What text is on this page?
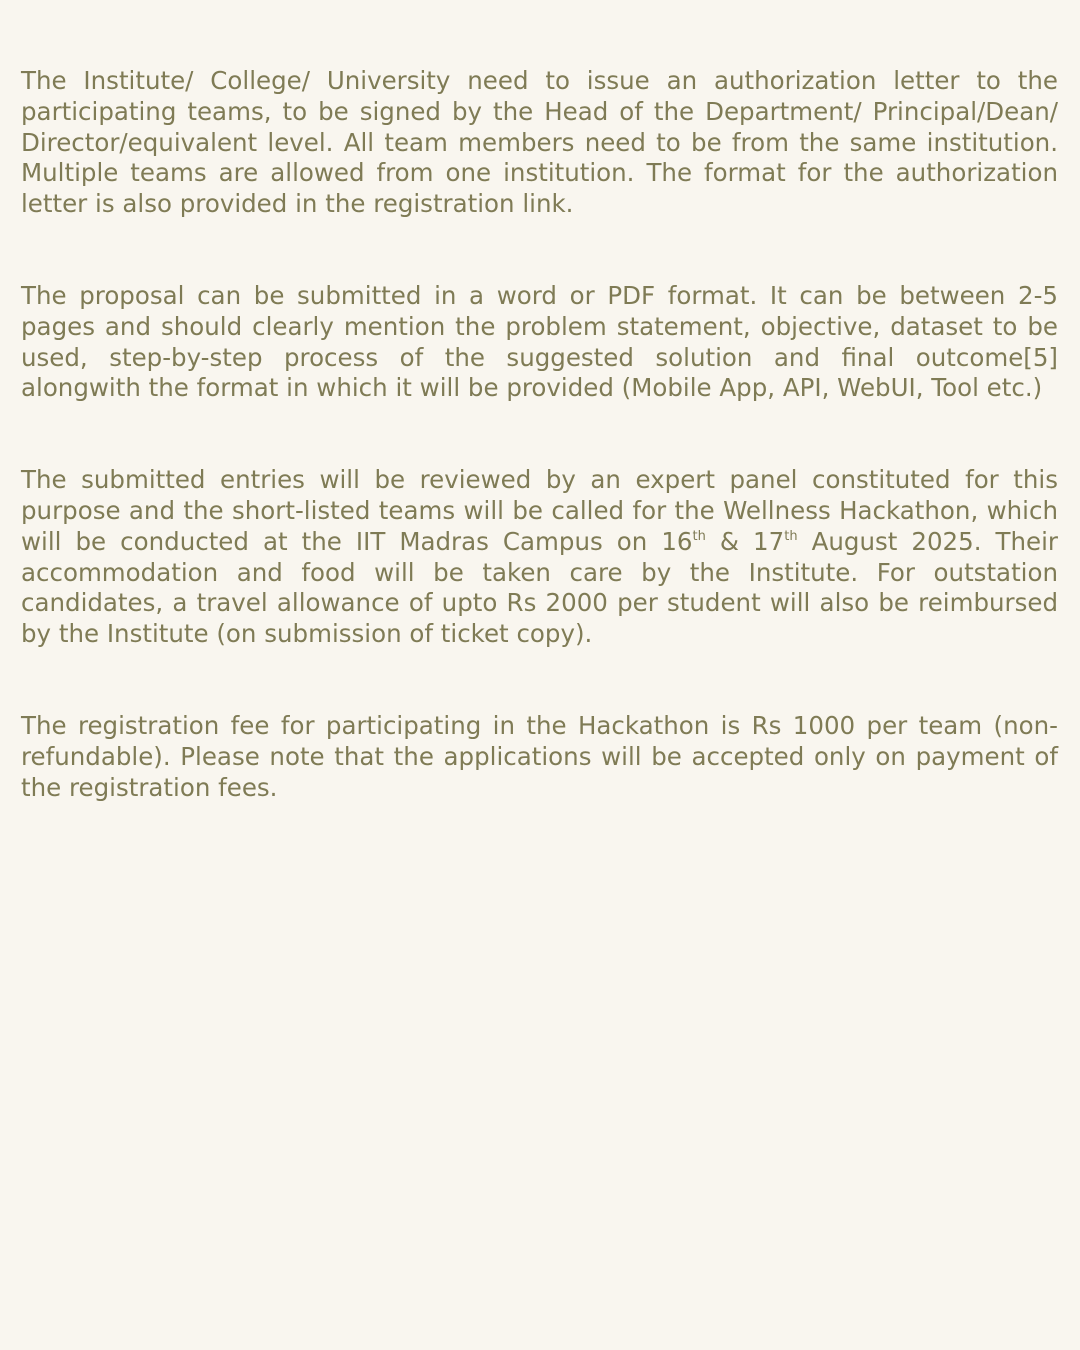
The Institute/ College/ University need to issue an authorization letter to the participating teams, to be signed by the Head of the Department/ Principal/Dean/ Director/equivalent level. All team members need to be from the same institution. Multiple teams are allowed from one institution. The format for the authorization letter is also provided in the registration link.

The proposal can be submitted in a word or PDF format. It can be between 2-5 pages and should clearly mention the problem statement, objective, dataset to be used, step-by-step process of the suggested solution and final outcome[5] alongwith the format in which it will be provided (Mobile App, API, WebUI, Tool etc.)

The submitted entries will be reviewed by an expert panel constituted for this purpose and the short-listed teams will be called for the Wellness Hackathon, which will be conducted at the IIT Madras Campus on 16th & 17th August 2025. Their accommodation and food will be taken care by the Institute. For outstation candidates, a travel allowance of upto Rs 2000 per student will also be reimbursed by the Institute (on submission of ticket copy).

The registration fee for participating in the Hackathon is Rs 1000 per team (non-refundable). Please note that the applications will be accepted only on payment of the registration fees.
